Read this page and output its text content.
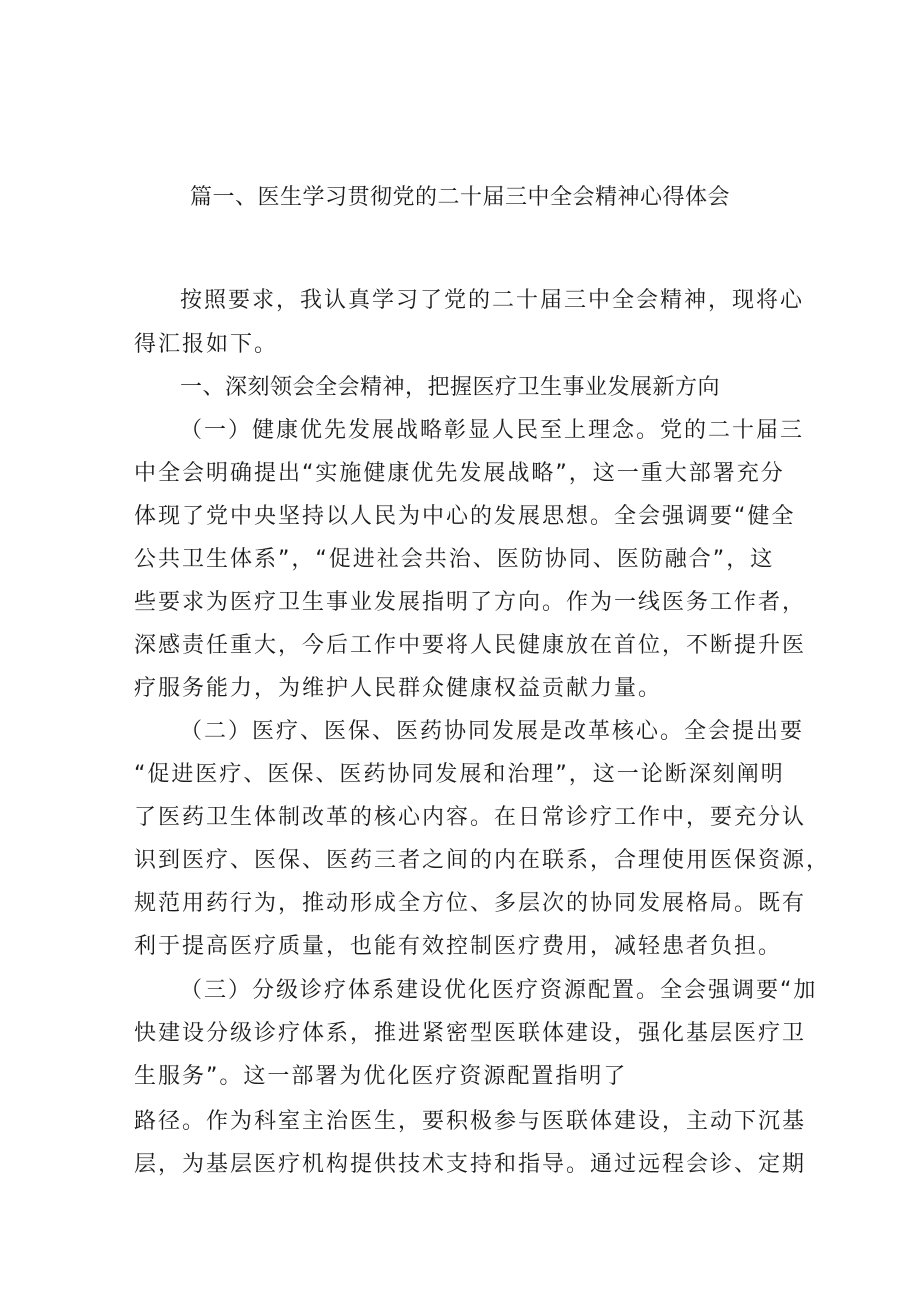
篇一、医生学习贯彻党的二十届三中全会精神心得体会
按照要求，我认真学习了党的二十届三中全会精神，现将心
得汇报如下。
一、深刻领会全会精神，把握医疗卫生事业发展新方向
（一）健康优先发展战略彰显人民至上理念。党的二十届三
中全会明确提出“实施健康优先发展战略”，这一重大部署充分
体现了党中央坚持以人民为中心的发展思想。全会强调要“健全
公共卫生体系”，“促进社会共治、医防协同、医防融合”，这
些要求为医疗卫生事业发展指明了方向。作为一线医务工作者，
深感责任重大，今后工作中要将人民健康放在首位，不断提升医
疗服务能力，为维护人民群众健康权益贡献力量。
（二）医疗、医保、医药协同发展是改革核心。全会提出要
“促进医疗、医保、医药协同发展和治理”，这一论断深刻阐明
了医药卫生体制改革的核心内容。在日常诊疗工作中，要充分认
识到医疗、医保、医药三者之间的内在联系，合理使用医保资源，
规范用药行为，推动形成全方位、多层次的协同发展格局。既有
利于提高医疗质量，也能有效控制医疗费用，减轻患者负担。
（三）分级诊疗体系建设优化医疗资源配置。全会强调要“加
快建设分级诊疗体系，推进紧密型医联体建设，强化基层医疗卫
生服务”。这一部署为优化医疗资源配置指明了
路径。作为科室主治医生，要积极参与医联体建设，主动下沉基
层，为基层医疗机构提供技术支持和指导。通过远程会诊、定期
